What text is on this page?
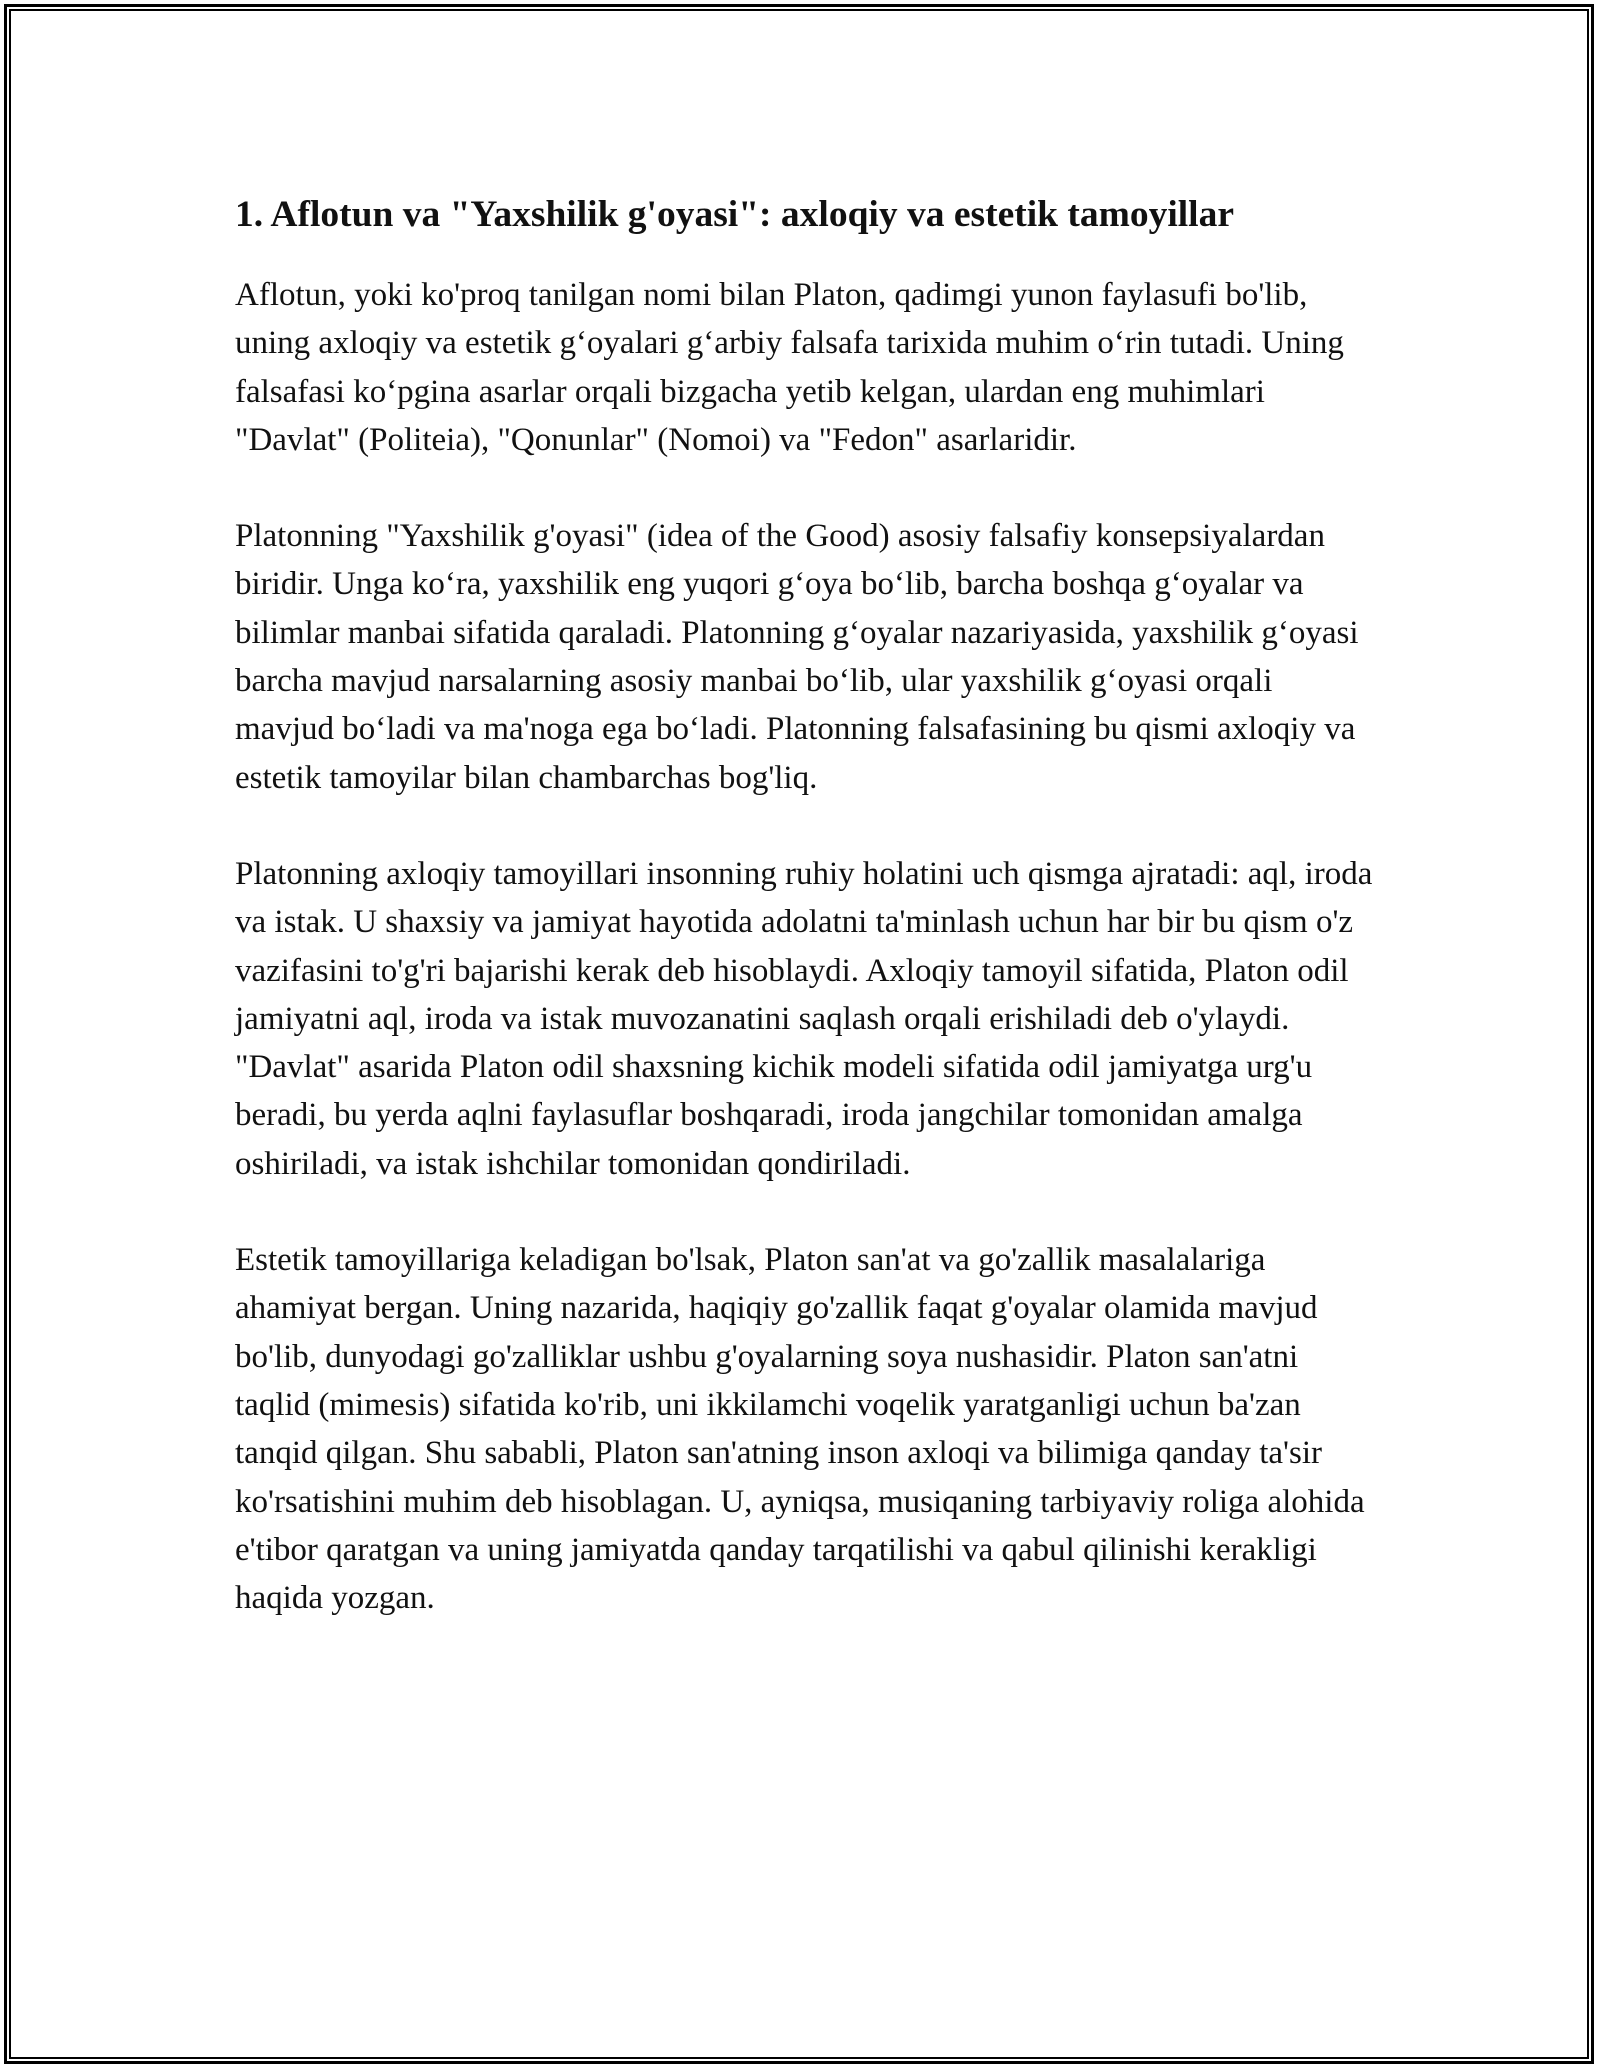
1. Aflotun va "Yaxshilik g'oyasi": axloqiy va estetik tamoyillar

Aflotun, yoki ko'proq tanilgan nomi bilan Platon, qadimgi yunon faylasufi bo'lib, uning axloqiy va estetik g‘oyalari g‘arbiy falsafa tarixida muhim o‘rin tutadi. Uning falsafasi ko‘pgina asarlar orqali bizgacha yetib kelgan, ulardan eng muhimlari "Davlat" (Politeia), "Qonunlar" (Nomoi) va "Fedon" asarlaridir.

Platonning "Yaxshilik g'oyasi" (idea of the Good) asosiy falsafiy konsepsiyalardan biridir. Unga ko‘ra, yaxshilik eng yuqori g‘oya bo‘lib, barcha boshqa g‘oyalar va bilimlar manbai sifatida qaraladi. Platonning g‘oyalar nazariyasida, yaxshilik g‘oyasi barcha mavjud narsalarning asosiy manbai bo‘lib, ular yaxshilik g‘oyasi orqali mavjud bo‘ladi va ma'noga ega bo‘ladi. Platonning falsafasining bu qismi axloqiy va estetik tamoyilar bilan chambarchas bog'liq.

Platonning axloqiy tamoyillari insonning ruhiy holatini uch qismga ajratadi: aql, iroda va istak. U shaxsiy va jamiyat hayotida adolatni ta'minlash uchun har bir bu qism o'z vazifasini to'g'ri bajarishi kerak deb hisoblaydi. Axloqiy tamoyil sifatida, Platon odil jamiyatni aql, iroda va istak muvozanatini saqlash orqali erishiladi deb o'ylaydi. "Davlat" asarida Platon odil shaxsning kichik modeli sifatida odil jamiyatga urg'u beradi, bu yerda aqlni faylasuflar boshqaradi, iroda jangchilar tomonidan amalga oshiriladi, va istak ishchilar tomonidan qondiriladi.

Estetik tamoyillariga keladigan bo'lsak, Platon san'at va go'zallik masalalariga ahamiyat bergan. Uning nazarida, haqiqiy go'zallik faqat g'oyalar olamida mavjud bo'lib, dunyodagi go'zalliklar ushbu g'oyalarning soya nushasidir. Platon san'atni taqlid (mimesis) sifatida ko'rib, uni ikkilamchi voqelik yaratganligi uchun ba'zan tanqid qilgan. Shu sababli, Platon san'atning inson axloqi va bilimiga qanday ta'sir ko'rsatishini muhim deb hisoblagan. U, ayniqsa, musiqaning tarbiyaviy roliga alohida e'tibor qaratgan va uning jamiyatda qanday tarqatilishi va qabul qilinishi kerakligi haqida yozgan.
